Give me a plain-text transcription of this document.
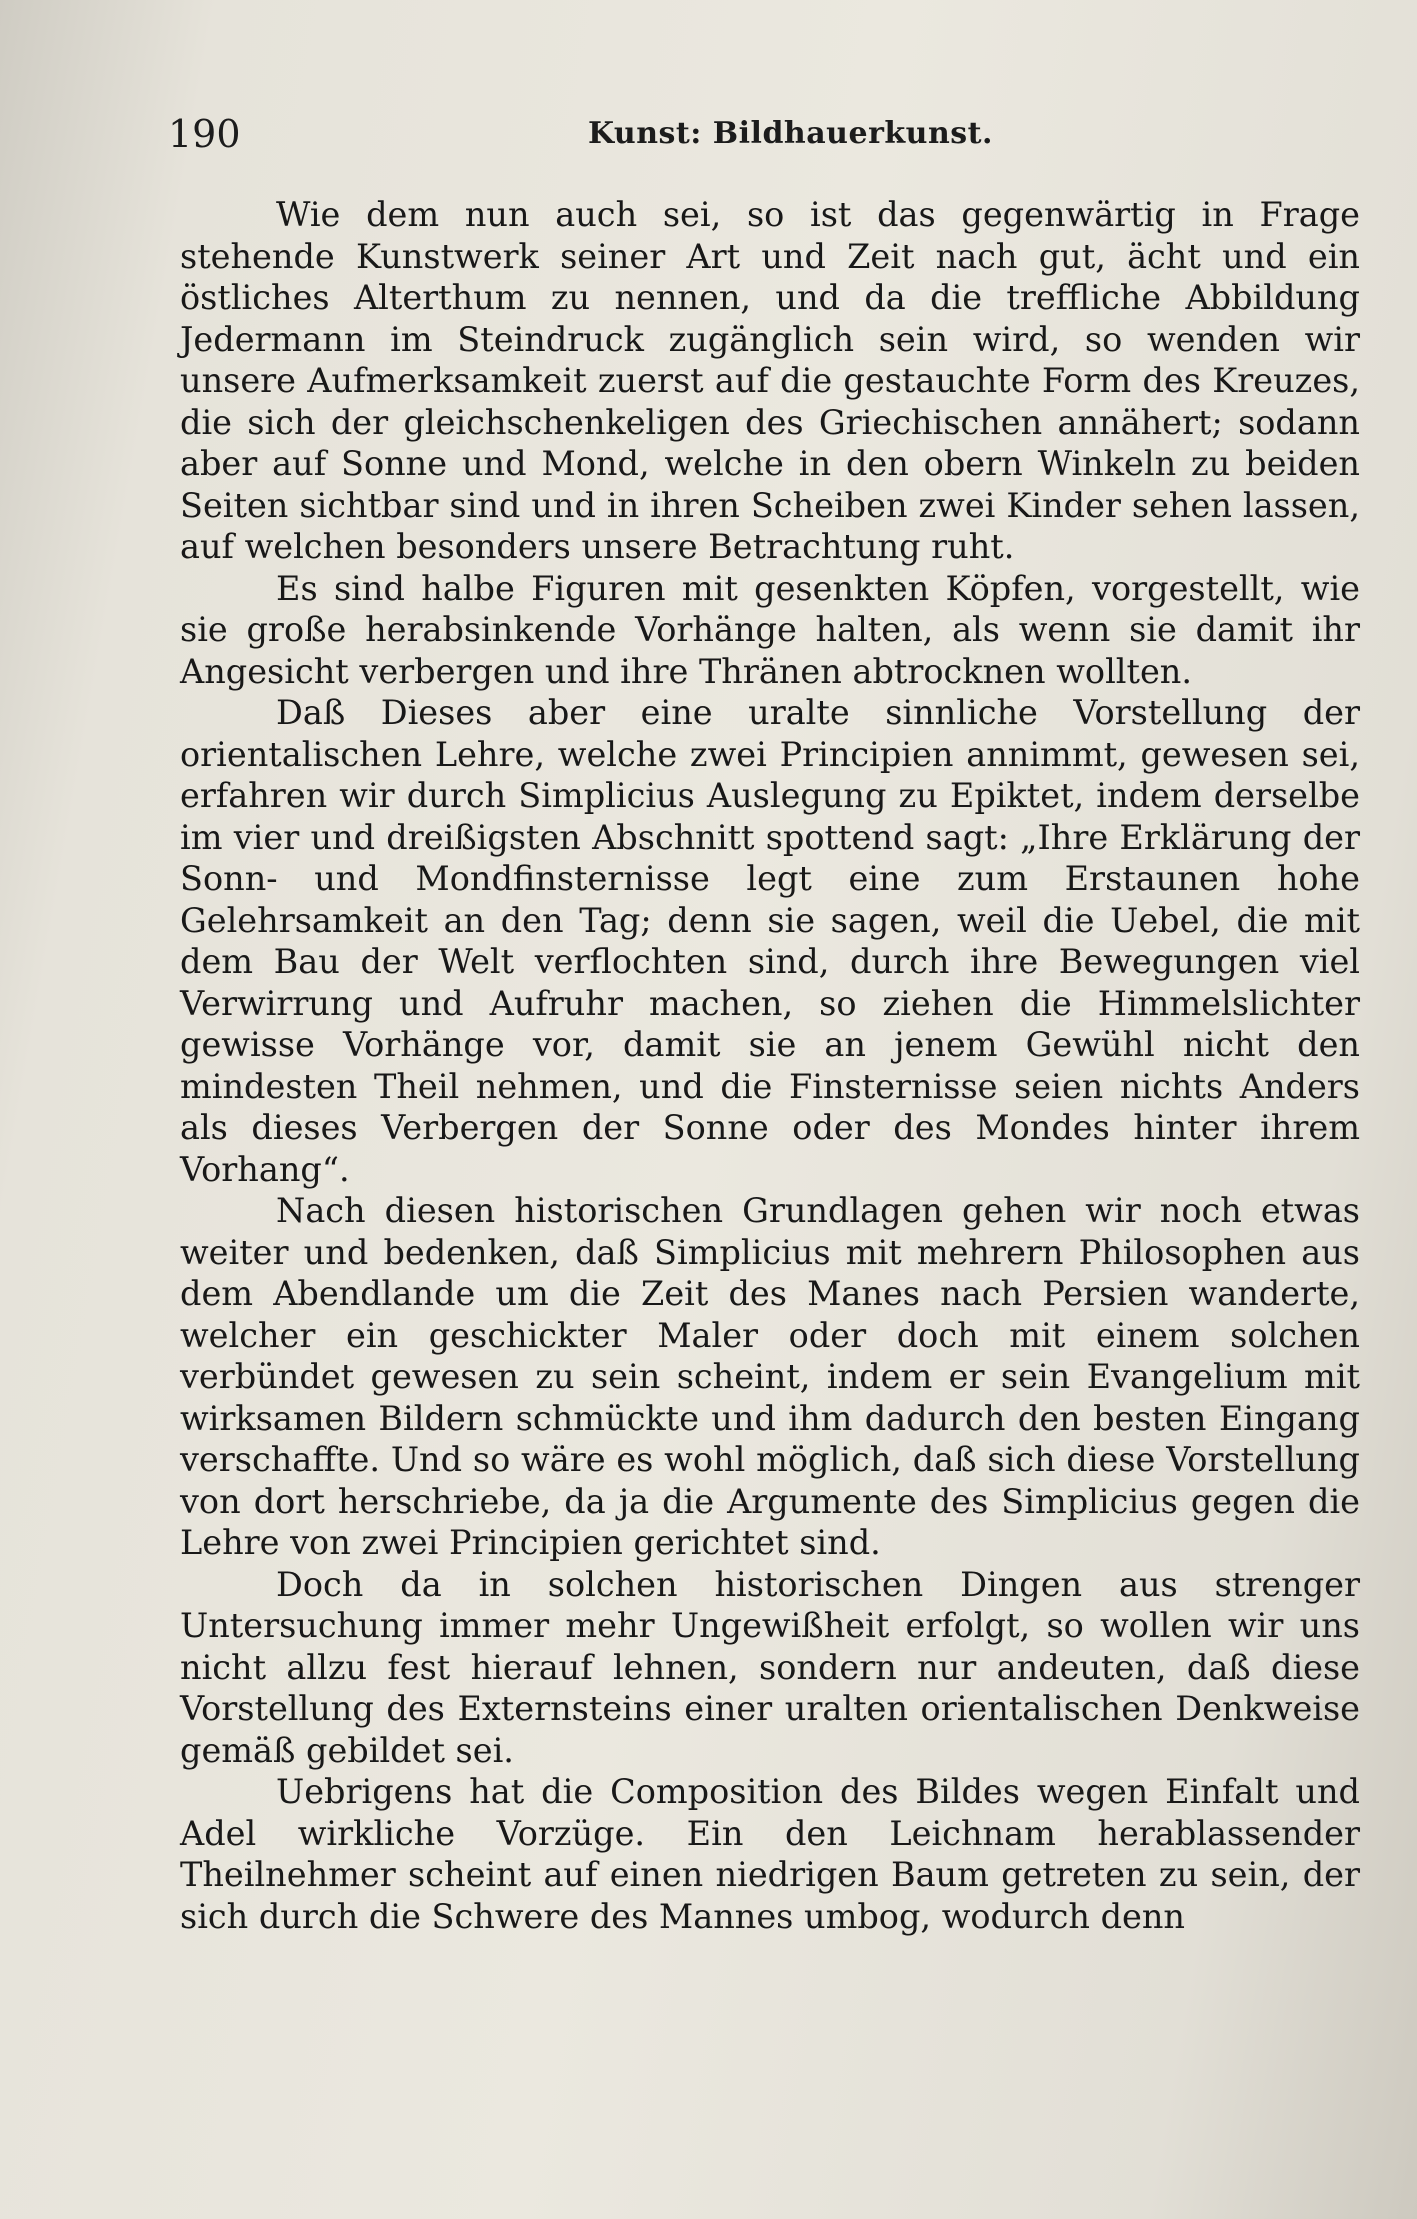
190	Kunst: Bildhauerkunst.

Wie dem nun auch sei, so ist das gegenwärtig in Frage stehende Kunstwerk seiner Art und Zeit nach gut, ächt und ein östliches Alterthum zu nennen, und da die treffliche Abbildung Jedermann im Steindruck zugänglich sein wird, so wenden wir unsere Aufmerksamkeit zuerst auf die gestauchte Form des Kreuzes, die sich der gleichschenkeligen des Griechischen annähert; sodann aber auf Sonne und Mond, welche in den obern Winkeln zu beiden Seiten sichtbar sind und in ihren Scheiben zwei Kinder sehen lassen, auf welchen besonders unsere Betrachtung ruht.

Es sind halbe Figuren mit gesenkten Köpfen, vorgestellt, wie sie große herabsinkende Vorhänge halten, als wenn sie damit ihr Angesicht verbergen und ihre Thränen abtrocknen wollten.

Daß Dieses aber eine uralte sinnliche Vorstellung der orientalischen Lehre, welche zwei Principien annimmt, gewesen sei, erfahren wir durch Simplicius Auslegung zu Epiktet, indem derselbe im vier und dreißigsten Abschnitt spottend sagt: „Ihre Erklärung der Sonn- und Mondfinsternisse legt eine zum Erstaunen hohe Gelehrsamkeit an den Tag; denn sie sagen, weil die Uebel, die mit dem Bau der Welt verflochten sind, durch ihre Bewegungen viel Verwirrung und Aufruhr machen, so ziehen die Himmelslichter gewisse Vorhänge vor, damit sie an jenem Gewühl nicht den mindesten Theil nehmen, und die Finsternisse seien nichts Anders als dieses Verbergen der Sonne oder des Mondes hinter ihrem Vorhang“.

Nach diesen historischen Grundlagen gehen wir noch etwas weiter und bedenken, daß Simplicius mit mehrern Philosophen aus dem Abendlande um die Zeit des Manes nach Persien wanderte, welcher ein geschickter Maler oder doch mit einem solchen verbündet gewesen zu sein scheint, indem er sein Evangelium mit wirksamen Bildern schmückte und ihm dadurch den besten Eingang verschaffte. Und so wäre es wohl möglich, daß sich diese Vorstellung von dort herschriebe, da ja die Argumente des Simplicius gegen die Lehre von zwei Principien gerichtet sind.

Doch da in solchen historischen Dingen aus strenger Untersuchung immer mehr Ungewißheit erfolgt, so wollen wir uns nicht allzu fest hierauf lehnen, sondern nur andeuten, daß diese Vorstellung des Externsteins einer uralten orientalischen Denkweise gemäß gebildet sei.

Uebrigens hat die Composition des Bildes wegen Einfalt und Adel wirkliche Vorzüge. Ein den Leichnam herablassender Theilnehmer scheint auf einen niedrigen Baum getreten zu sein, der sich durch die Schwere des Mannes umbog, wodurch denn
